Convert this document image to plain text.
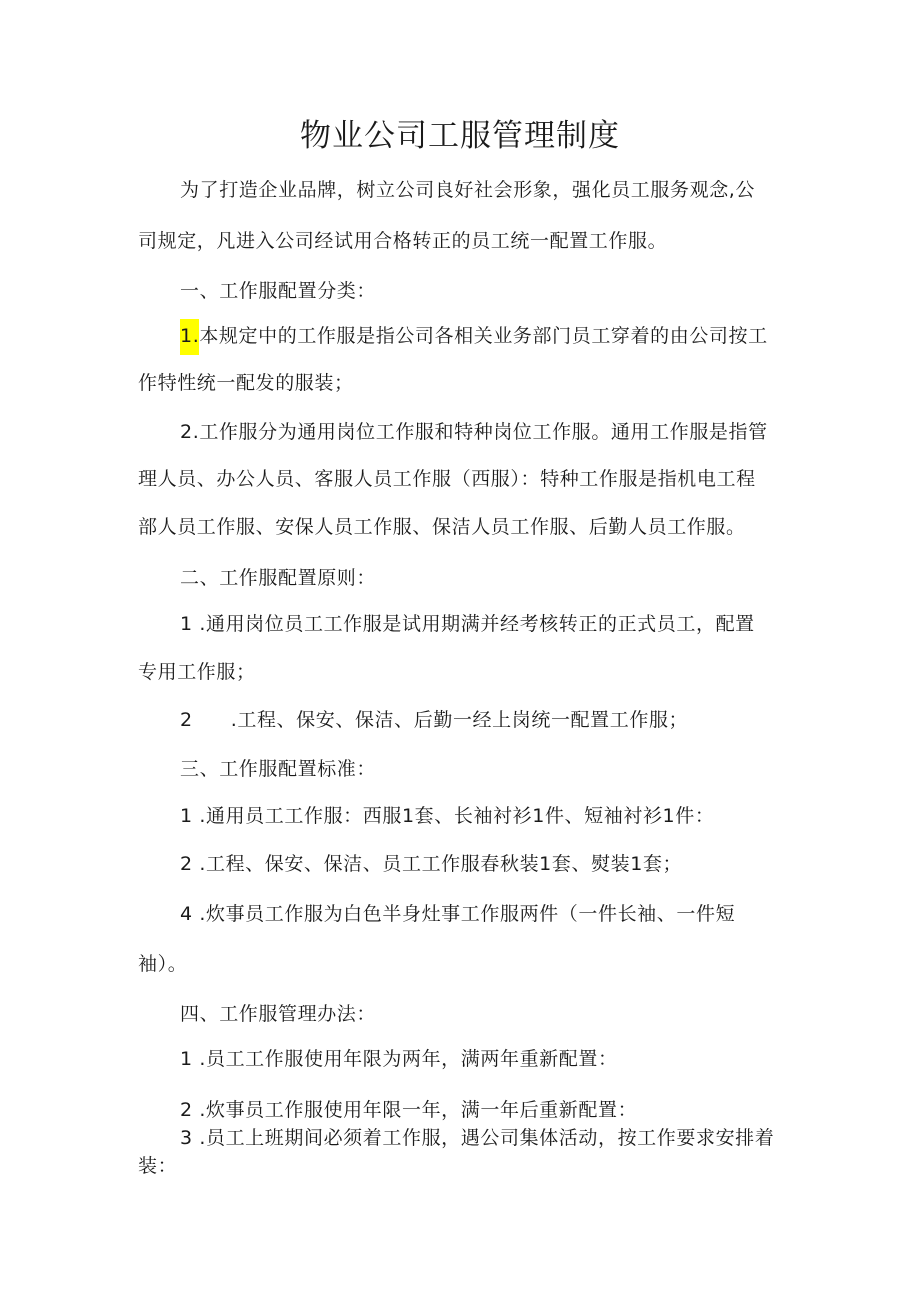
物业公司工服管理制度
为了打造企业品牌，树立公司良好社会形象，强化员工服务观念,公
司规定，凡进入公司经试用合格转正的员工统一配置工作服。
一、工作服配置分类：
1.本规定中的工作服是指公司各相关业务部门员工穿着的由公司按工
作特性统一配发的服装；
2.工作服分为通用岗位工作服和特种岗位工作服。通用工作服是指管
理人员、办公人员、客服人员工作服（西服）：特种工作服是指机电工程
部人员工作服、安保人员工作服、保洁人员工作服、后勤人员工作服。
二、工作服配置原则：
1 .通用岗位员工工作服是试用期满并经考核转正的正式员工，配置
专用工作服；
2 .工程、保安、保洁、后勤一经上岗统一配置工作服；
三、工作服配置标准：
1 .通用员工工作服：西服1套、长袖衬衫1件、短袖衬衫1件：
2 .工程、保安、保洁、员工工作服春秋装1套、熨装1套；
4 .炊事员工作服为白色半身灶事工作服两件（一件长袖、一件短
袖）。
四、工作服管理办法：
1 .员工工作服使用年限为两年，满两年重新配置：
2 .炊事员工作服使用年限一年，满一年后重新配置：
3 .员工上班期间必须着工作服，遇公司集体活动，按工作要求安排着
装：
